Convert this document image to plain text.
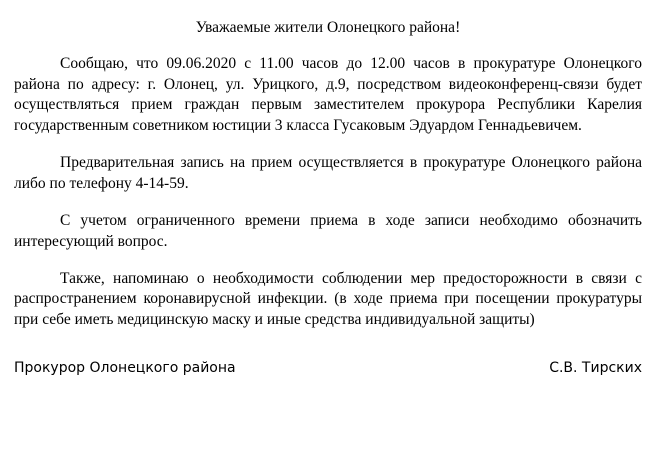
Уважаемые жители Олонецкого района!

Сообщаю, что 09.06.2020 с 11.00 часов до 12.00 часов в прокуратуре Олонецкого района по адресу: г. Олонец, ул. Урицкого, д.9, посредством видеоконференц-связи будет осуществляться прием граждан первым заместителем прокурора Республики Карелия государственным советником юстиции 3 класса Гусаковым Эдуардом Геннадьевичем.

Предварительная запись на прием осуществляется в прокуратуре Олонецкого района либо по телефону 4-14-59.

С учетом ограниченного времени приема в ходе записи необходимо обозначить интересующий вопрос.

Также, напоминаю о необходимости соблюдении мер предосторожности в связи с распространением коронавирусной инфекции. (в ходе приема при посещении прокуратуры при себе иметь медицинскую маску и иные средства индивидуальной защиты)

Прокурор Олонецкого района	С.В. Тирских
